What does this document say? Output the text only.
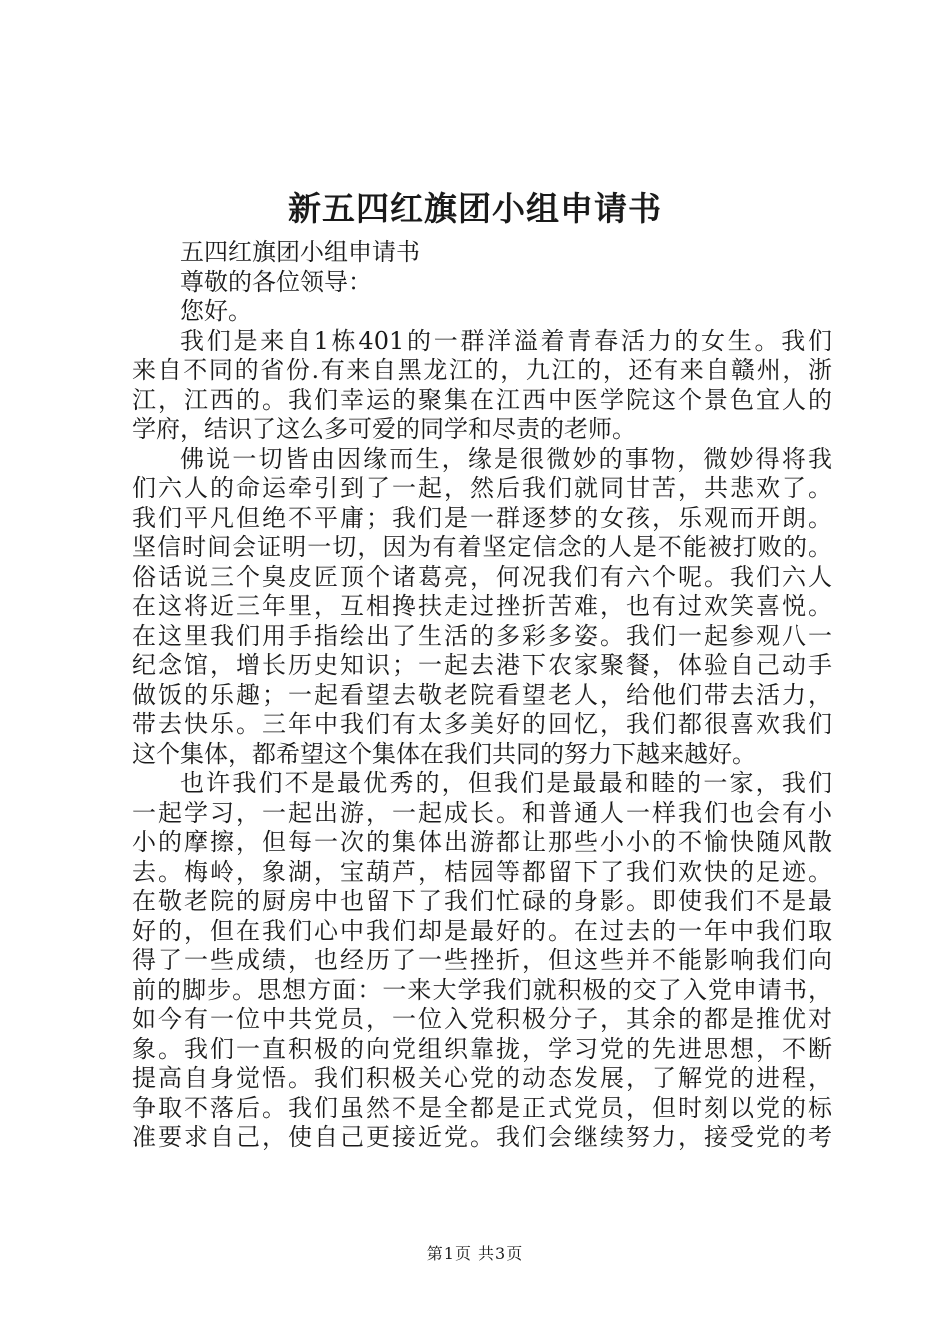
新五四红旗团小组申请书
五四红旗团小组申请书
尊敬的各位领导：
您好。
我们是来自1栋401的一群洋溢着青春活力的女生。我们
来自不同的省份.有来自黑龙江的，九江的，还有来自赣州，浙
江，江西的。我们幸运的聚集在江西中医学院这个景色宜人的
学府，结识了这么多可爱的同学和尽责的老师。
佛说一切皆由因缘而生，缘是很微妙的事物，微妙得将我
们六人的命运牵引到了一起，然后我们就同甘苦，共悲欢了。
我们平凡但绝不平庸；我们是一群逐梦的女孩，乐观而开朗。
坚信时间会证明一切，因为有着坚定信念的人是不能被打败的。
俗话说三个臭皮匠顶个诸葛亮，何况我们有六个呢。我们六人
在这将近三年里，互相搀扶走过挫折苦难，也有过欢笑喜悦。
在这里我们用手指绘出了生活的多彩多姿。我们一起参观八一
纪念馆，增长历史知识；一起去港下农家聚餐，体验自己动手
做饭的乐趣；一起看望去敬老院看望老人，给他们带去活力，
带去快乐。三年中我们有太多美好的回忆，我们都很喜欢我们
这个集体，都希望这个集体在我们共同的努力下越来越好。
也许我们不是最优秀的，但我们是最最和睦的一家，我们
一起学习，一起出游，一起成长。和普通人一样我们也会有小
小的摩擦，但每一次的集体出游都让那些小小的不愉快随风散
去。梅岭，象湖，宝葫芦，桔园等都留下了我们欢快的足迹。
在敬老院的厨房中也留下了我们忙碌的身影。即使我们不是最
好的，但在我们心中我们却是最好的。在过去的一年中我们取
得了一些成绩，也经历了一些挫折，但这些并不能影响我们向
前的脚步。思想方面：一来大学我们就积极的交了入党申请书，
如今有一位中共党员，一位入党积极分子，其余的都是推优对
象。我们一直积极的向党组织靠拢，学习党的先进思想，不断
提高自身觉悟。我们积极关心党的动态发展，了解党的进程，
争取不落后。我们虽然不是全都是正式党员，但时刻以党的标
准要求自己，使自己更接近党。我们会继续努力，接受党的考
第1页 共3页
